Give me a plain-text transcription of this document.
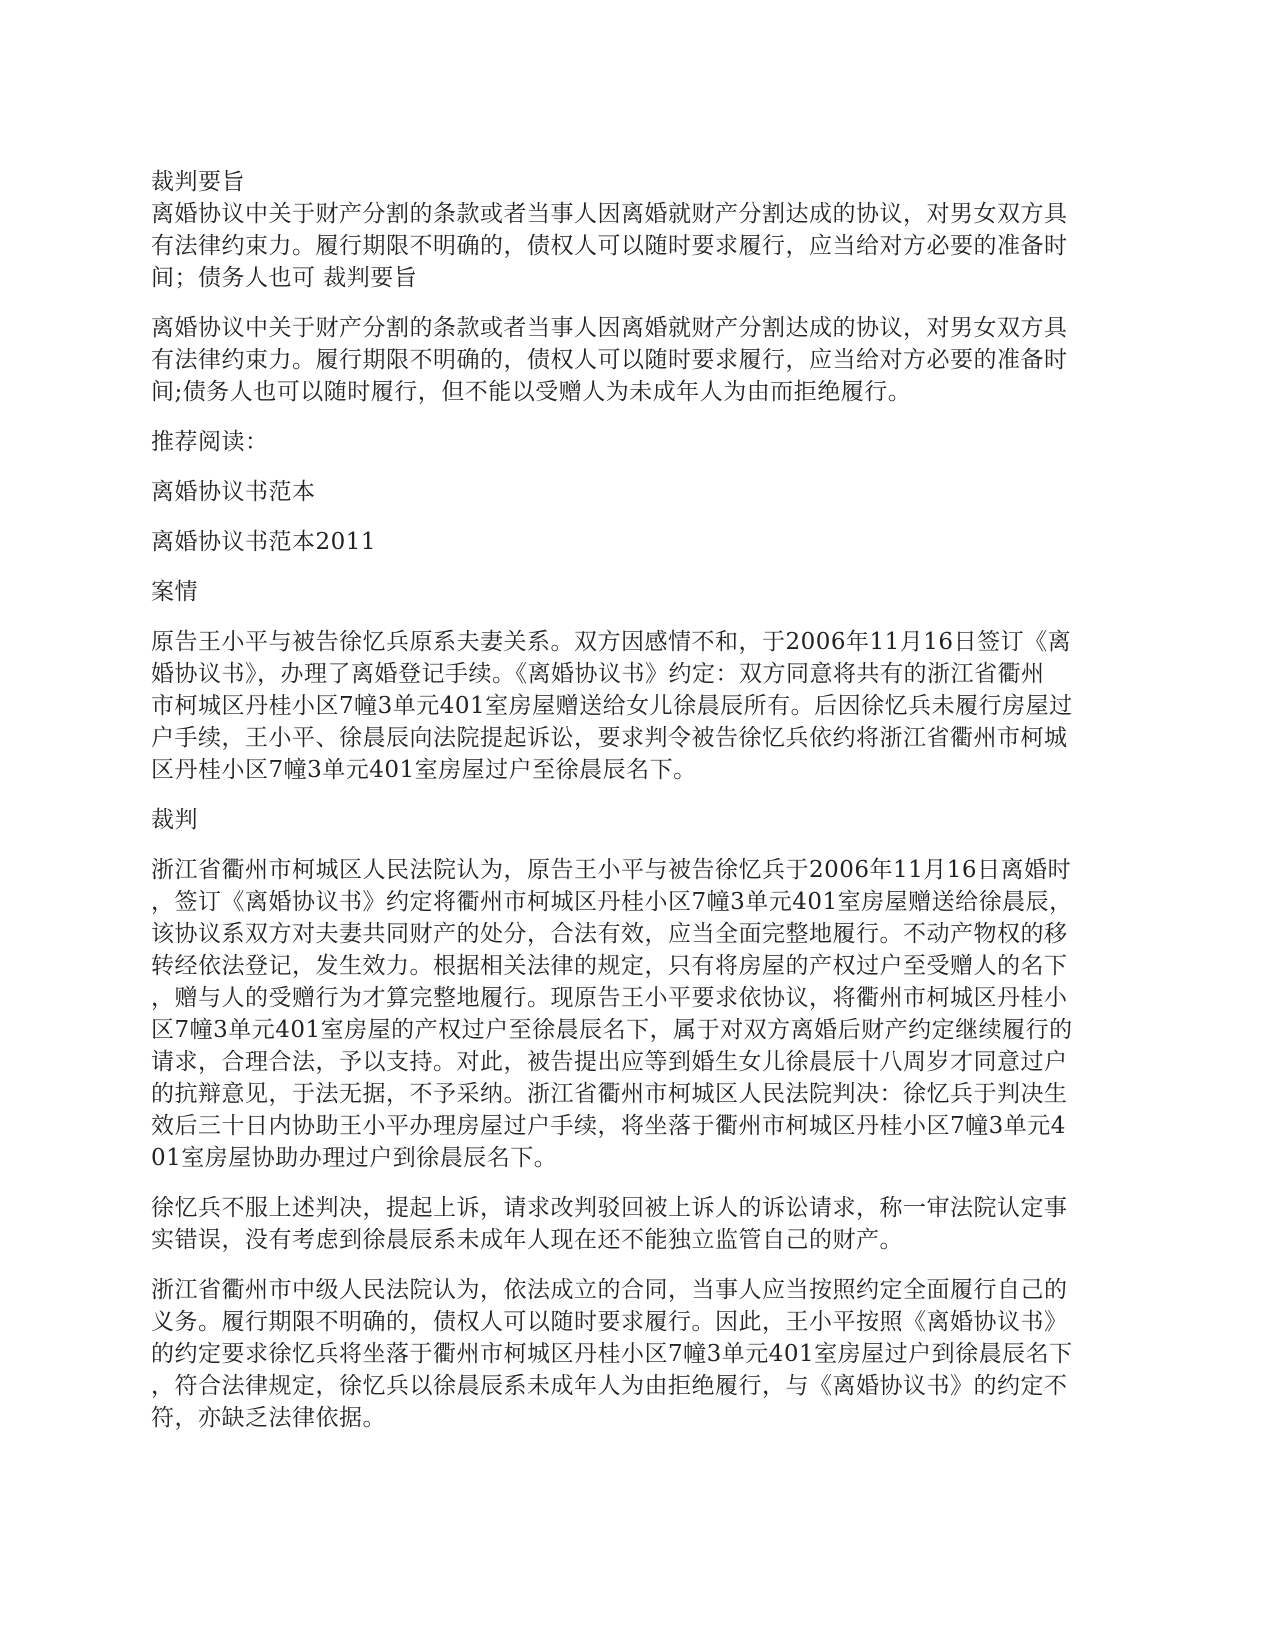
裁判要旨
离婚协议中关于财产分割的条款或者当事人因离婚就财产分割达成的协议，对男女双方具
有法律约束力。履行期限不明确的，债权人可以随时要求履行，应当给对方必要的准备时
间；债务人也可 裁判要旨
离婚协议中关于财产分割的条款或者当事人因离婚就财产分割达成的协议，对男女双方具
有法律约束力。履行期限不明确的，债权人可以随时要求履行，应当给对方必要的准备时
间;债务人也可以随时履行，但不能以受赠人为未成年人为由而拒绝履行。
推荐阅读：
离婚协议书范本
离婚协议书范本2011
案情
原告王小平与被告徐忆兵原系夫妻关系。双方因感情不和，于2006年11月16日签订《离
婚协议书》，办理了离婚登记手续。《离婚协议书》约定：双方同意将共有的浙江省衢州
市柯城区丹桂小区7幢3单元401室房屋赠送给女儿徐晨辰所有。后因徐忆兵未履行房屋过
户手续，王小平、徐晨辰向法院提起诉讼，要求判令被告徐忆兵依约将浙江省衢州市柯城
区丹桂小区7幢3单元401室房屋过户至徐晨辰名下。
裁判
浙江省衢州市柯城区人民法院认为，原告王小平与被告徐忆兵于2006年11月16日离婚时
，签订《离婚协议书》约定将衢州市柯城区丹桂小区7幢3单元401室房屋赠送给徐晨辰，
该协议系双方对夫妻共同财产的处分，合法有效，应当全面完整地履行。不动产物权的移
转经依法登记，发生效力。根据相关法律的规定，只有将房屋的产权过户至受赠人的名下
，赠与人的受赠行为才算完整地履行。现原告王小平要求依协议，将衢州市柯城区丹桂小
区7幢3单元401室房屋的产权过户至徐晨辰名下，属于对双方离婚后财产约定继续履行的
请求，合理合法，予以支持。对此，被告提出应等到婚生女儿徐晨辰十八周岁才同意过户
的抗辩意见，于法无据，不予采纳。浙江省衢州市柯城区人民法院判决：徐忆兵于判决生
效后三十日内协助王小平办理房屋过户手续，将坐落于衢州市柯城区丹桂小区7幢3单元4
01室房屋协助办理过户到徐晨辰名下。
徐忆兵不服上述判决，提起上诉，请求改判驳回被上诉人的诉讼请求，称一审法院认定事
实错误，没有考虑到徐晨辰系未成年人现在还不能独立监管自己的财产。
浙江省衢州市中级人民法院认为，依法成立的合同，当事人应当按照约定全面履行自己的
义务。履行期限不明确的，债权人可以随时要求履行。因此，王小平按照《离婚协议书》
的约定要求徐忆兵将坐落于衢州市柯城区丹桂小区7幢3单元401室房屋过户到徐晨辰名下
，符合法律规定，徐忆兵以徐晨辰系未成年人为由拒绝履行，与《离婚协议书》的约定不
符，亦缺乏法律依据。
